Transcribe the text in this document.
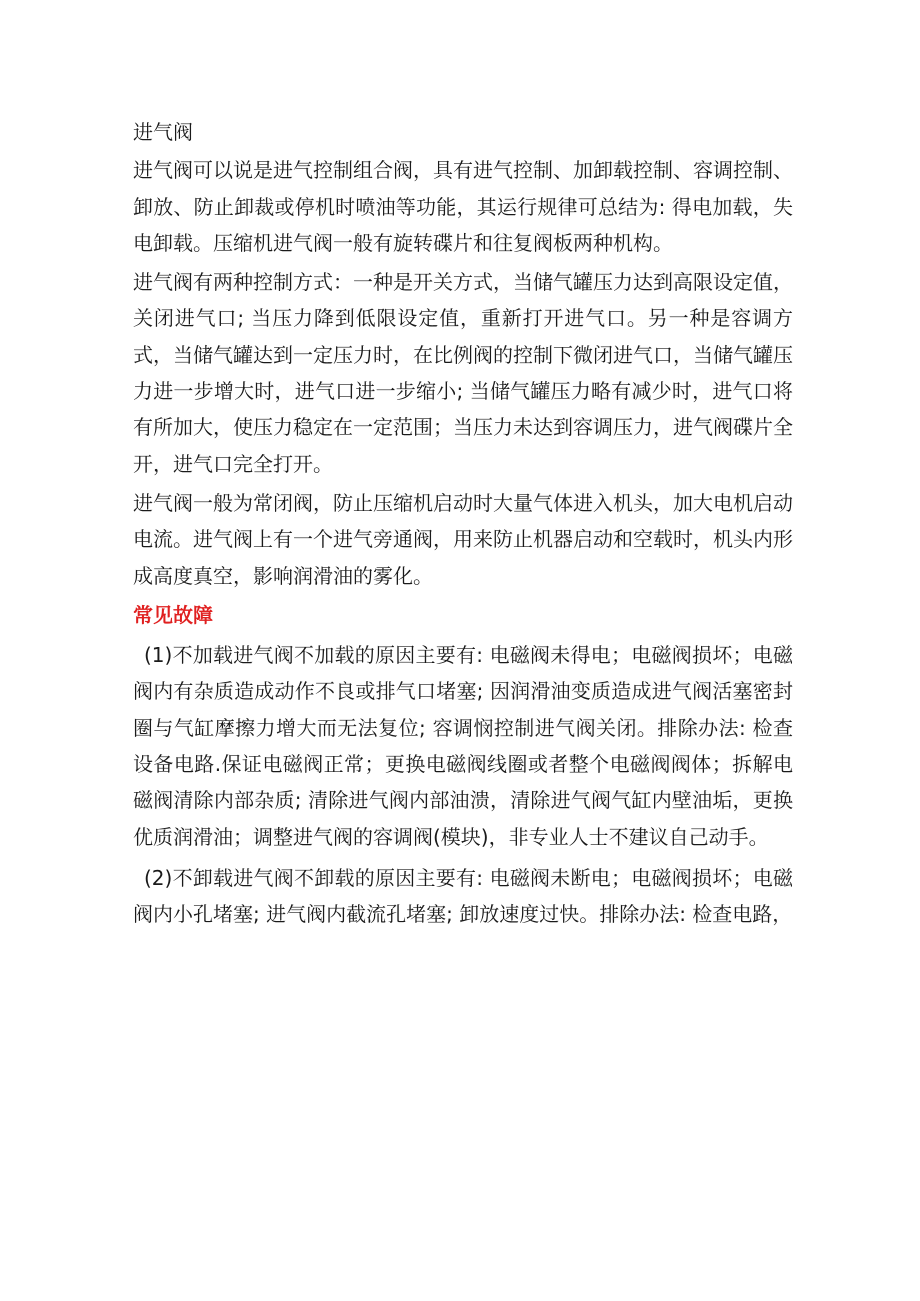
进气阀

进气阀可以说是进气控制组合阀，具有进气控制、加卸载控制、容调控制、卸放、防止卸裁或停机时喷油等功能，其运行规律可总结为: 得电加载，失电卸载。压缩机进气阀一般有旋转碟片和往复阀板两种机构。

进气阀有两种控制方式：一种是开关方式，当储气罐压力达到高限设定值，关闭进气口; 当压力降到低限设定值，重新打开进气口。另一种是容调方式，当储气罐达到一定压力时，在比例阀的控制下微闭进气口，当储气罐压力进一步增大时，进气口进一步缩小; 当储气罐压力略有减少时，进气口将有所加大，使压力稳定在一定范围；当压力未达到容调压力，进气阀碟片全开，进气口完全打开。

进气阀一般为常闭阀，防止压缩机启动时大量气体进入机头，加大电机启动电流。进气阀上有一个进气旁通阀，用来防止机器启动和空载时，机头内形成高度真空，影响润滑油的雾化。

常见故障

(1)不加载进气阀不加载的原因主要有: 电磁阀未得电；电磁阀损坏；电磁阀内有杂质造成动作不良或排气口堵塞; 因润滑油变质造成进气阀活塞密封圈与气缸摩擦力增大而无法复位; 容调悯控制进气阀关闭。排除办法: 检查设备电路.保证电磁阀正常；更换电磁阀线圈或者整个电磁阀阀体；拆解电磁阀清除内部杂质; 清除进气阀内部油溃，清除进气阀气缸内壁油垢，更换优质润滑油；调整进气阀的容调阀(模块)，非专业人士不建议自己动手。

(2)不卸载进气阀不卸载的原因主要有: 电磁阀未断电；电磁阀损坏；电磁阀内小孔堵塞; 进气阀内截流孔堵塞; 卸放速度过快。排除办法: 检查电路，
